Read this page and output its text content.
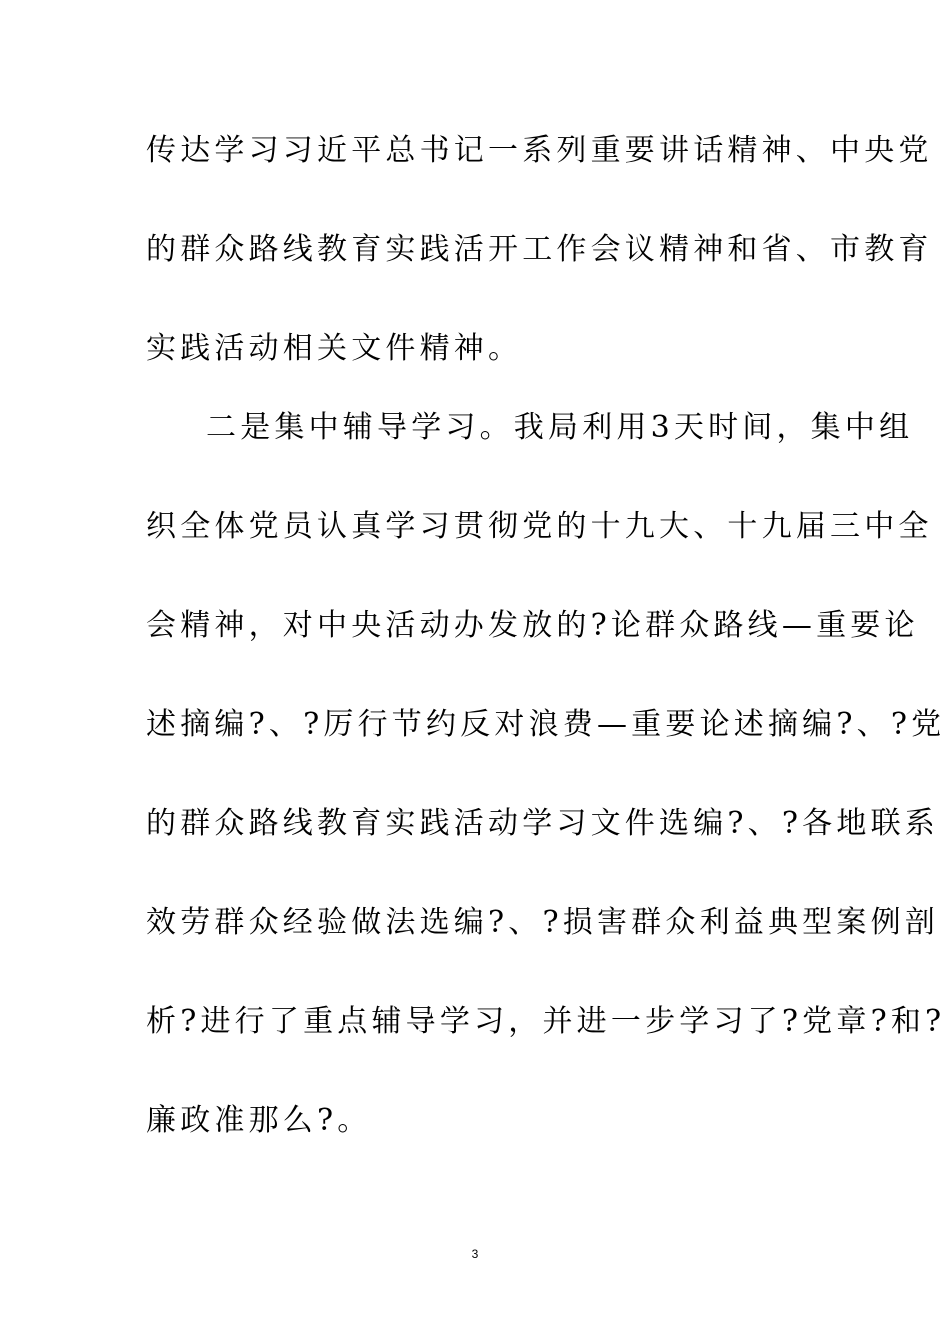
传达学习习近平总书记一系列重要讲话精神、中央党
的群众路线教育实践活开工作会议精神和省、市教育
实践活动相关文件精神。
二是集中辅导学习。我局利用3天时间，集中组
织全体党员认真学习贯彻党的十九大、十九届三中全
会精神，对中央活动办发放的?论群众路线—重要论
述摘编?、?厉行节约反对浪费—重要论述摘编?、?党
的群众路线教育实践活动学习文件选编?、?各地联系
效劳群众经验做法选编?、?损害群众利益典型案例剖
析?进行了重点辅导学习，并进一步学习了?党章?和?
廉政准那么?。
3
